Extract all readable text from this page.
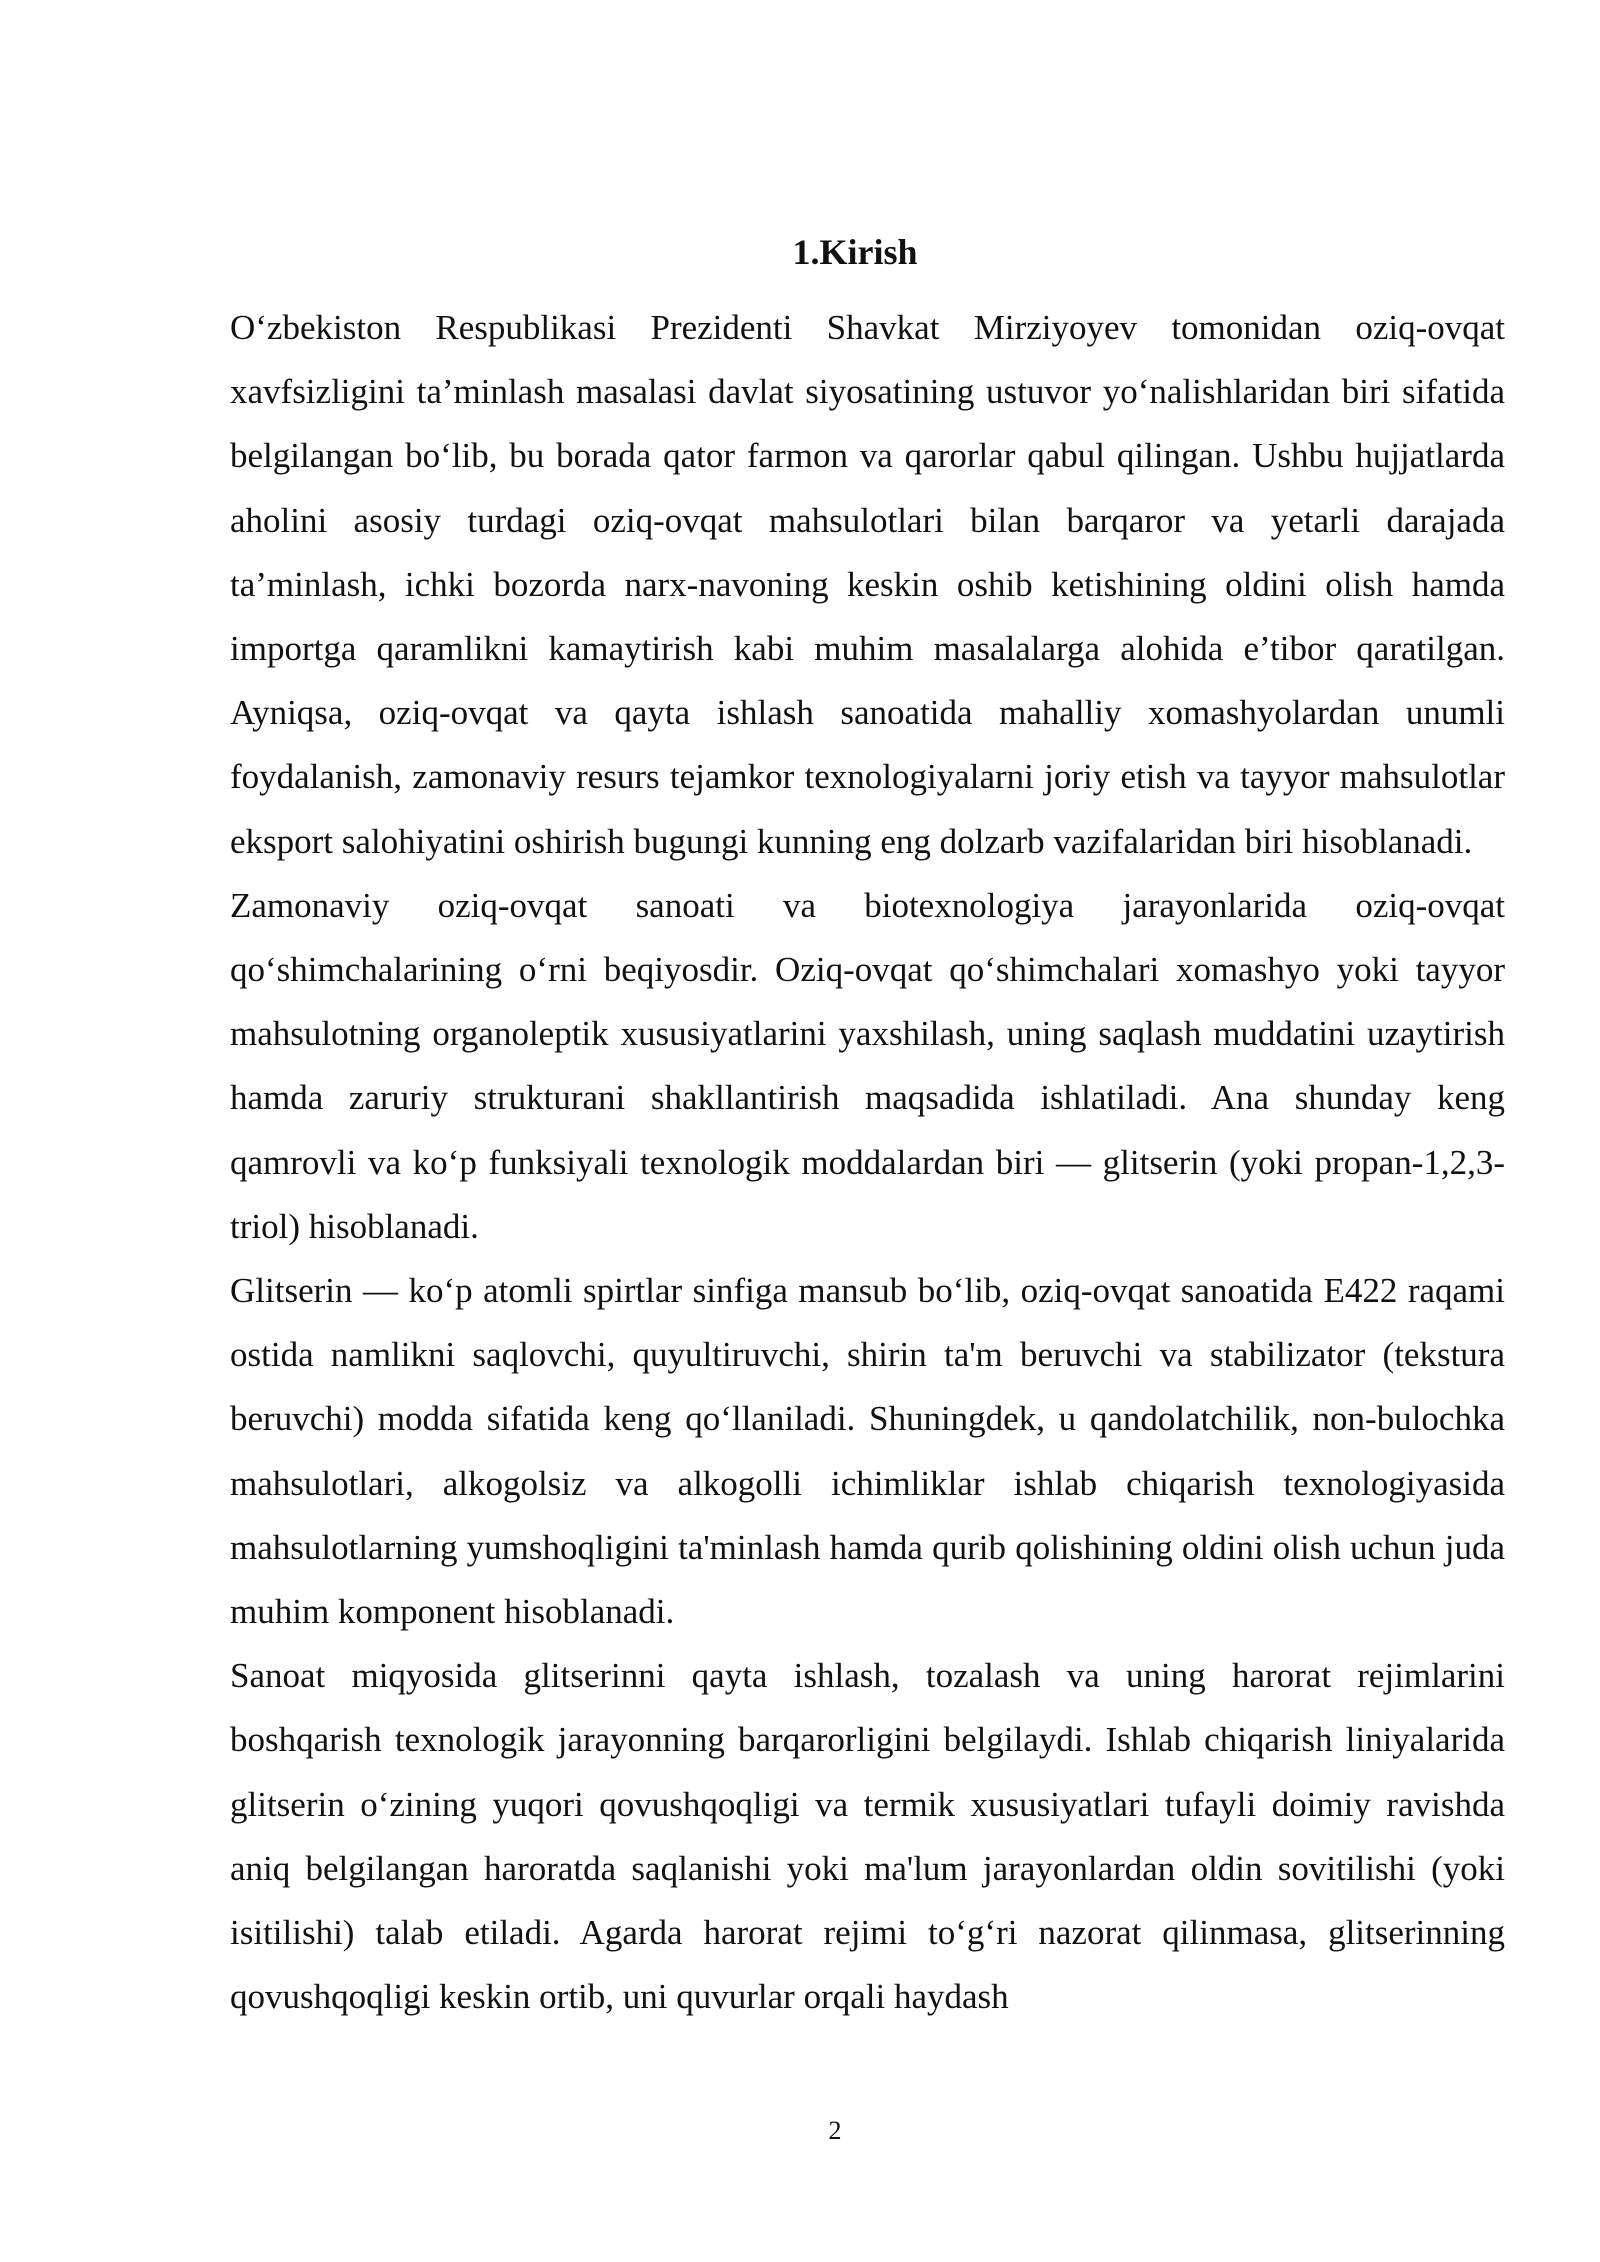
1.Kirish

O‘zbekiston Respublikasi Prezidenti Shavkat Mirziyoyev tomonidan oziq-ovqat xavfsizligini ta’minlash masalasi davlat siyosatining ustuvor yo‘nalishlaridan biri sifatida belgilangan bo‘lib, bu borada qator farmon va qarorlar qabul qilingan. Ushbu hujjatlarda aholini asosiy turdagi oziq-ovqat mahsulotlari bilan barqaror va yetarli darajada ta’minlash, ichki bozorda narx-navoning keskin oshib ketishining oldini olish hamda importga qaramlikni kamaytirish kabi muhim masalalarga alohida e’tibor qaratilgan. Ayniqsa, oziq-ovqat va qayta ishlash sanoatida mahalliy xomashyolardan unumli foydalanish, zamonaviy resurs tejamkor texnologiyalarni joriy etish va tayyor mahsulotlar eksport salohiyatini oshirish bugungi kunning eng dolzarb vazifalaridan biri hisoblanadi.

Zamonaviy oziq-ovqat sanoati va biotexnologiya jarayonlarida oziq-ovqat qo‘shimchalarining o‘rni beqiyosdir. Oziq-ovqat qo‘shimchalari xomashyo yoki tayyor mahsulotning organoleptik xususiyatlarini yaxshilash, uning saqlash muddatini uzaytirish hamda zaruriy strukturani shakllantirish maqsadida ishlatiladi. Ana shunday keng qamrovli va ko‘p funksiyali texnologik moddalardan biri — glitserin (yoki propan-1,2,3-triol) hisoblanadi.

Glitserin — ko‘p atomli spirtlar sinfiga mansub bo‘lib, oziq-ovqat sanoatida E422 raqami ostida namlikni saqlovchi, quyultiruvchi, shirin ta'm beruvchi va stabilizator (tekstura beruvchi) modda sifatida keng qo‘llaniladi. Shuningdek, u qandolatchilik, non-bulochka mahsulotlari, alkogolsiz va alkogolli ichimliklar ishlab chiqarish texnologiyasida mahsulotlarning yumshoqligini ta'minlash hamda qurib qolishining oldini olish uchun juda muhim komponent hisoblanadi.

Sanoat miqyosida glitserinni qayta ishlash, tozalash va uning harorat rejimlarini boshqarish texnologik jarayonning barqarorligini belgilaydi. Ishlab chiqarish liniyalarida glitserin o‘zining yuqori qovushqoqligi va termik xususiyatlari tufayli doimiy ravishda aniq belgilangan haroratda saqlanishi yoki ma'lum jarayonlardan oldin sovitilishi (yoki isitilishi) talab etiladi. Agarda harorat rejimi to‘g‘ri nazorat qilinmasa, glitserinning qovushqoqligi keskin ortib, uni quvurlar orqali haydash

2
